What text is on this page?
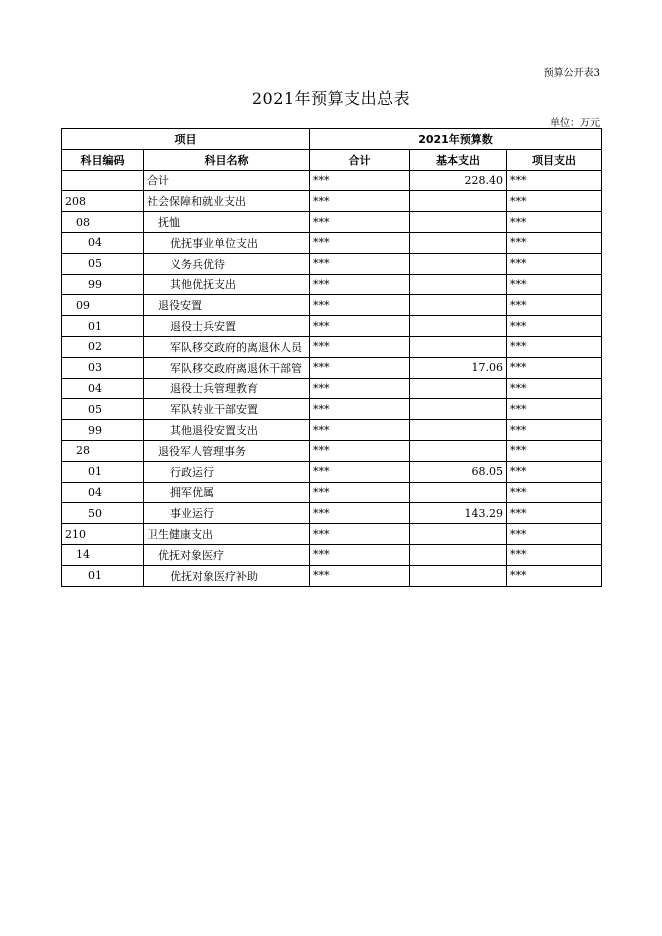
预算公开表3
2021年预算支出总表
单位：万元
项目		2021年预算数		
科目编码	科目名称	合计	基本支出	项目支出
	合计	***	228.40	***
208	社会保障和就业支出	***		***
08	抚恤	***		***
04	优抚事业单位支出	***		***
05	义务兵优待	***		***
99	其他优抚支出	***		***
09	退役安置	***		***
01	退役士兵安置	***		***
02	军队移交政府的离退休人员	***		***
03	军队移交政府离退休干部管	***	17.06	***
04	退役士兵管理教育	***		***
05	军队转业干部安置	***		***
99	其他退役安置支出	***		***
28	退役军人管理事务	***		***
01	行政运行	***	68.05	***
04	拥军优属	***		***
50	事业运行	***	143.29	***
210	卫生健康支出	***		***
14	优抚对象医疗	***		***
01	优抚对象医疗补助	***		***
